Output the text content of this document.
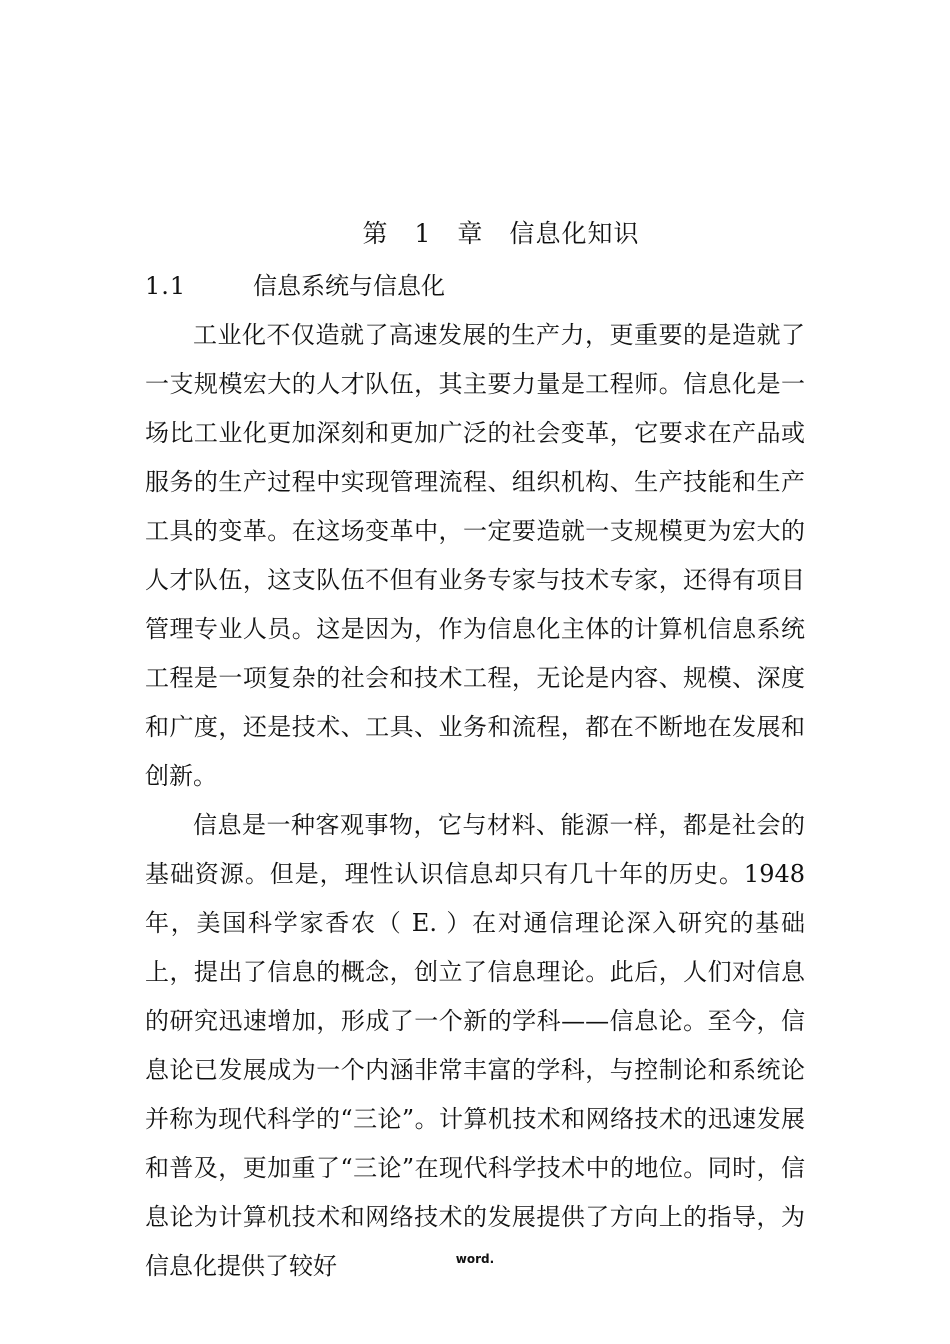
第　1　章　信息化知识
1.1	信息系统与信息化

工业化不仅造就了高速发展的生产力，更重要的是造就了一支规模宏大的人才队伍，其主要力量是工程师。信息化是一场比工业化更加深刻和更加广泛的社会变革，它要求在产品或服务的生产过程中实现管理流程、组织机构、生产技能和生产工具的变革。在这场变革中，一定要造就一支规模更为宏大的人才队伍，这支队伍不但有业务专家与技术专家，还得有项目管理专业人员。这是因为，作为信息化主体的计算机信息系统工程是一项复杂的社会和技术工程，无论是内容、规模、深度和广度，还是技术、工具、业务和流程，都在不断地在发展和创新。

信息是一种客观事物，它与材料、能源一样，都是社会的基础资源。但是，理性认识信息却只有几十年的历史。1948 年，美国科学家香农（ E. ）在对通信理论深入研究的基础上，提出了信息的概念，创立了信息理论。此后，人们对信息的研究迅速增加，形成了一个新的学科——信息论。至今，信息论已发展成为一个内涵非常丰富的学科，与控制论和系统论并称为现代科学的“三论”。计算机技术和网络技术的迅速发展和普及，更加重了“三论”在现代科学技术中的地位。同时，信息论为计算机技术和网络技术的发展提供了方向上的指导，为信息化提供了较好	word.
